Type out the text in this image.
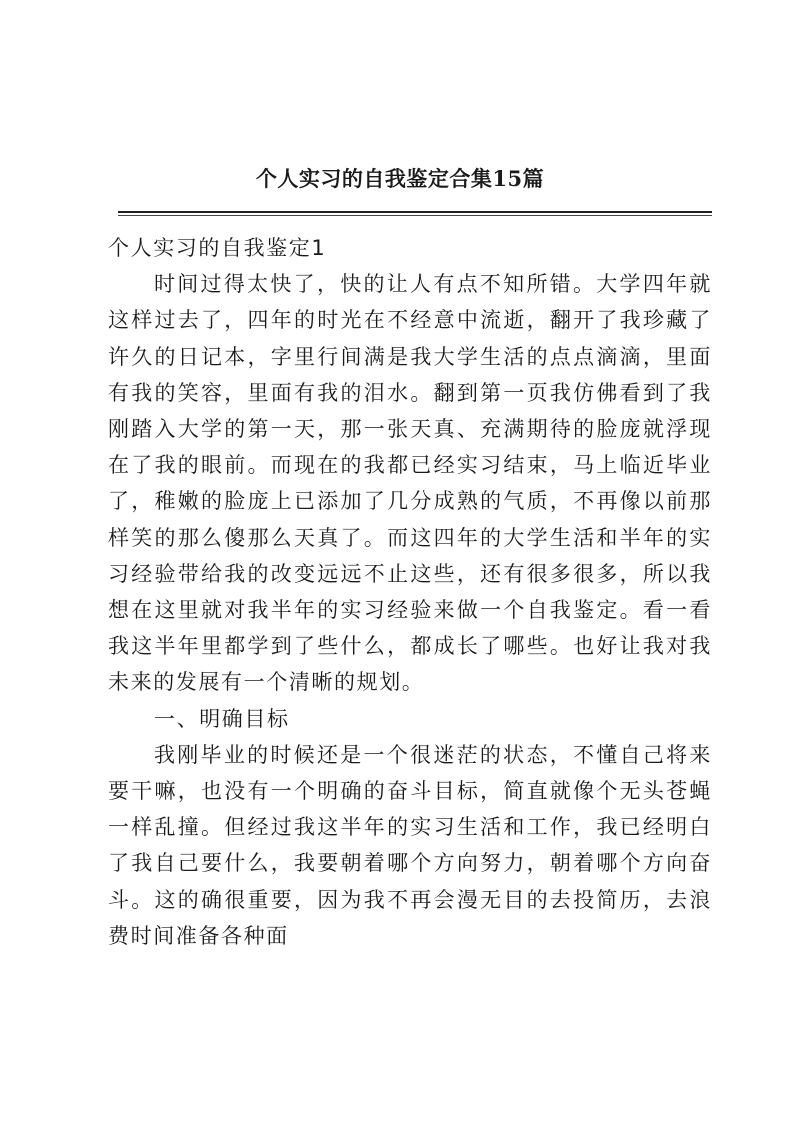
个人实习的自我鉴定合集15篇

个人实习的自我鉴定1

时间过得太快了，快的让人有点不知所错。大学四年就这样过去了，四年的时光在不经意中流逝，翻开了我珍藏了许久的日记本，字里行间满是我大学生活的点点滴滴，里面有我的笑容，里面有我的泪水。翻到第一页我仿佛看到了我刚踏入大学的第一天，那一张天真、充满期待的脸庞就浮现在了我的眼前。而现在的我都已经实习结束，马上临近毕业了，稚嫩的脸庞上已添加了几分成熟的气质，不再像以前那样笑的那么傻那么天真了。而这四年的大学生活和半年的实习经验带给我的改变远远不止这些，还有很多很多，所以我想在这里就对我半年的实习经验来做一个自我鉴定。看一看我这半年里都学到了些什么，都成长了哪些。也好让我对我未来的发展有一个清晰的规划。

一、明确目标

我刚毕业的时候还是一个很迷茫的状态，不懂自己将来要干嘛，也没有一个明确的奋斗目标，简直就像个无头苍蝇一样乱撞。但经过我这半年的实习生活和工作，我已经明白了我自己要什么，我要朝着哪个方向努力，朝着哪个方向奋斗。这的确很重要，因为我不再会漫无目的去投简历，去浪费时间准备各种面
